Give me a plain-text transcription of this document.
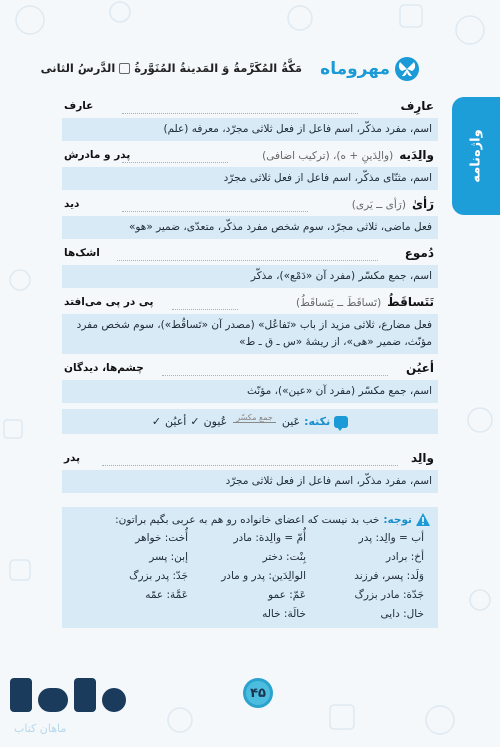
مهروماه
مَکَّةُ المُکَرَّمةُ وَ المَدینةُ المُنَوَّرةُ
الدَّرسُ الثانی
واژه‌نامه
عارِف
عارف
اسم، مفرد مذکّر، اسم فاعل از فعل ثلاثی مجرّد، معرفه (علم)
والِدَیه(والِدَینِ + ه)، (ترکیب اضافی)
پدر و مادرش
اسم، مثنّای مذکّر، اسم فاعل از فعل ثلاثی مجرّد
رَأیٰ(رَأی ــ یَری)
دید
فعل ماضی، ثلاثی مجرّد، سوم شخص مفرد مذکّر، متعدّی، ضمیر «هو»
دُموع
اشک‌ها
اسم، جمع مکسّر (مفرد آن «دَمْع»)، مذکّر
تَتَساقَطُ(تَساقَطَ ــ یَتَساقَطُ)
پی در پی می‌افتد
فعل مضارع، ثلاثی مزید از باب «تَفاعُل» (مصدر آن «تَساقُط»)، سوم شخص مفرد مؤنّث، ضمیر «هی»، از ریشهٔ «س ـ ق ـ ط»
أعیُن
چشم‌ها، دیدگان
اسم، جمع مکسّر (مفرد آن «عین»)، مؤنّث
نکته:
عَین
جمع مکسّر
عُیون
✓
أعیُن
✓
والِد
پدر
اسم، مفرد مذکّر، اسم فاعل از فعل ثلاثی مجرّد
توجه:
خب بد نیست که اعضای خانواده رو هم به عربی بگیم براتون:
أب = والِد: پدر
أُمّ = والِدة: مادر
أُخت: خواهر
أخ: برادر
بِنْت: دختر
إبن: پسر
وَلَد: پسر، فرزند
الوالِدَین: پدر و مادر
جَدّ: پدر بزرگ
جَدّة: مادر بزرگ
عَمّ: عمو
عَمَّة: عمّه
خال: دایی
خالَة: خاله
ماهان کتاب
۴۵
